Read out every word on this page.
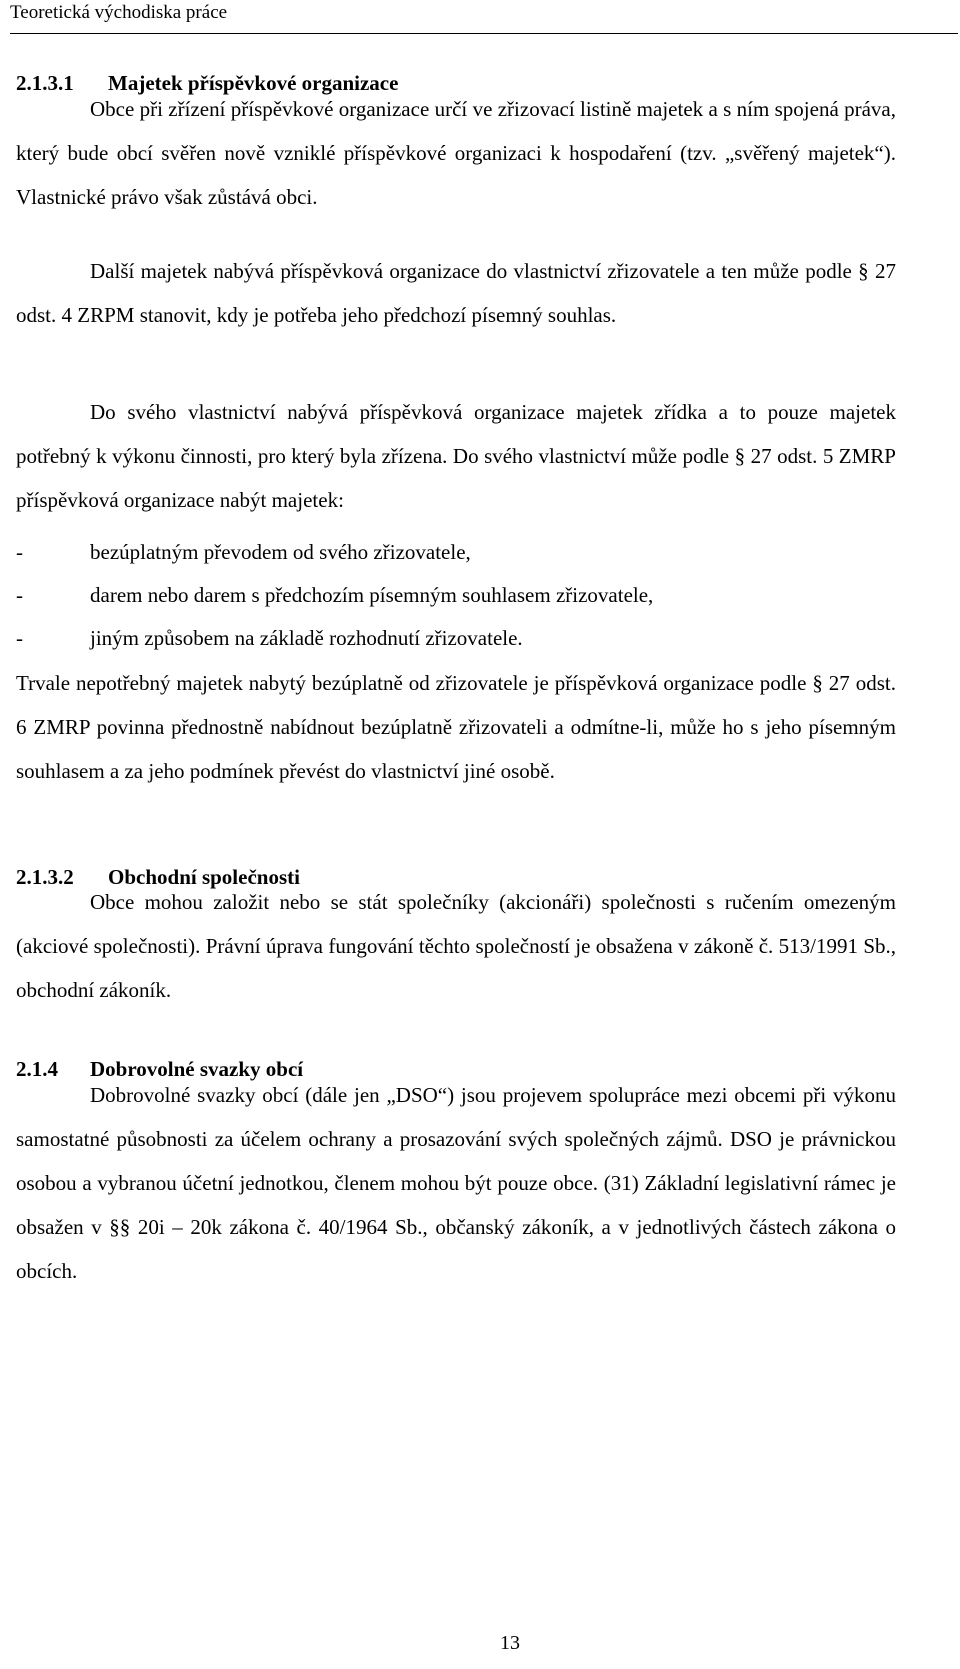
Teoretická východiska práce
2.1.3.1 Majetek příspěvkové organizace

Obce při zřízení příspěvkové organizace určí ve zřizovací listině majetek a s ním spojená práva, který bude obcí svěřen nově vzniklé příspěvkové organizaci k hospodaření (tzv. „svěřený majetek“). Vlastnické právo však zůstává obci.

Další majetek nabývá příspěvková organizace do vlastnictví zřizovatele a ten může podle § 27 odst. 4 ZRPM stanovit, kdy je potřeba jeho předchozí písemný souhlas.

Do svého vlastnictví nabývá příspěvková organizace majetek zřídka a to pouze majetek potřebný k výkonu činnosti, pro který byla zřízena. Do svého vlastnictví může podle § 27 odst. 5 ZMRP příspěvková organizace nabýt majetek:

-	bezúplatným převodem od svého zřizovatele,
-	darem nebo darem s předchozím písemným souhlasem zřizovatele,
-	jiným způsobem na základě rozhodnutí zřizovatele.

Trvale nepotřebný majetek nabytý bezúplatně od zřizovatele je příspěvková organizace podle § 27 odst. 6 ZMRP povinna přednostně nabídnout bezúplatně zřizovateli a odmítne-li, může ho s jeho písemným souhlasem a za jeho podmínek převést do vlastnictví jiné osobě.

2.1.3.2 Obchodní společnosti

Obce mohou založit nebo se stát společníky (akcionáři) společnosti s ručením omezeným (akciové společnosti). Právní úprava fungování těchto společností je obsažena v zákoně č. 513/1991 Sb., obchodní zákoník.

2.1.4 Dobrovolné svazky obcí

Dobrovolné svazky obcí (dále jen „DSO“) jsou projevem spolupráce mezi obcemi při výkonu samostatné působnosti za účelem ochrany a prosazování svých společných zájmů. DSO je právnickou osobou a vybranou účetní jednotkou, členem mohou být pouze obce. (31) Základní legislativní rámec je obsažen v §§ 20i – 20k zákona č. 40/1964 Sb., občanský zákoník, a v jednotlivých částech zákona o obcích.

13
